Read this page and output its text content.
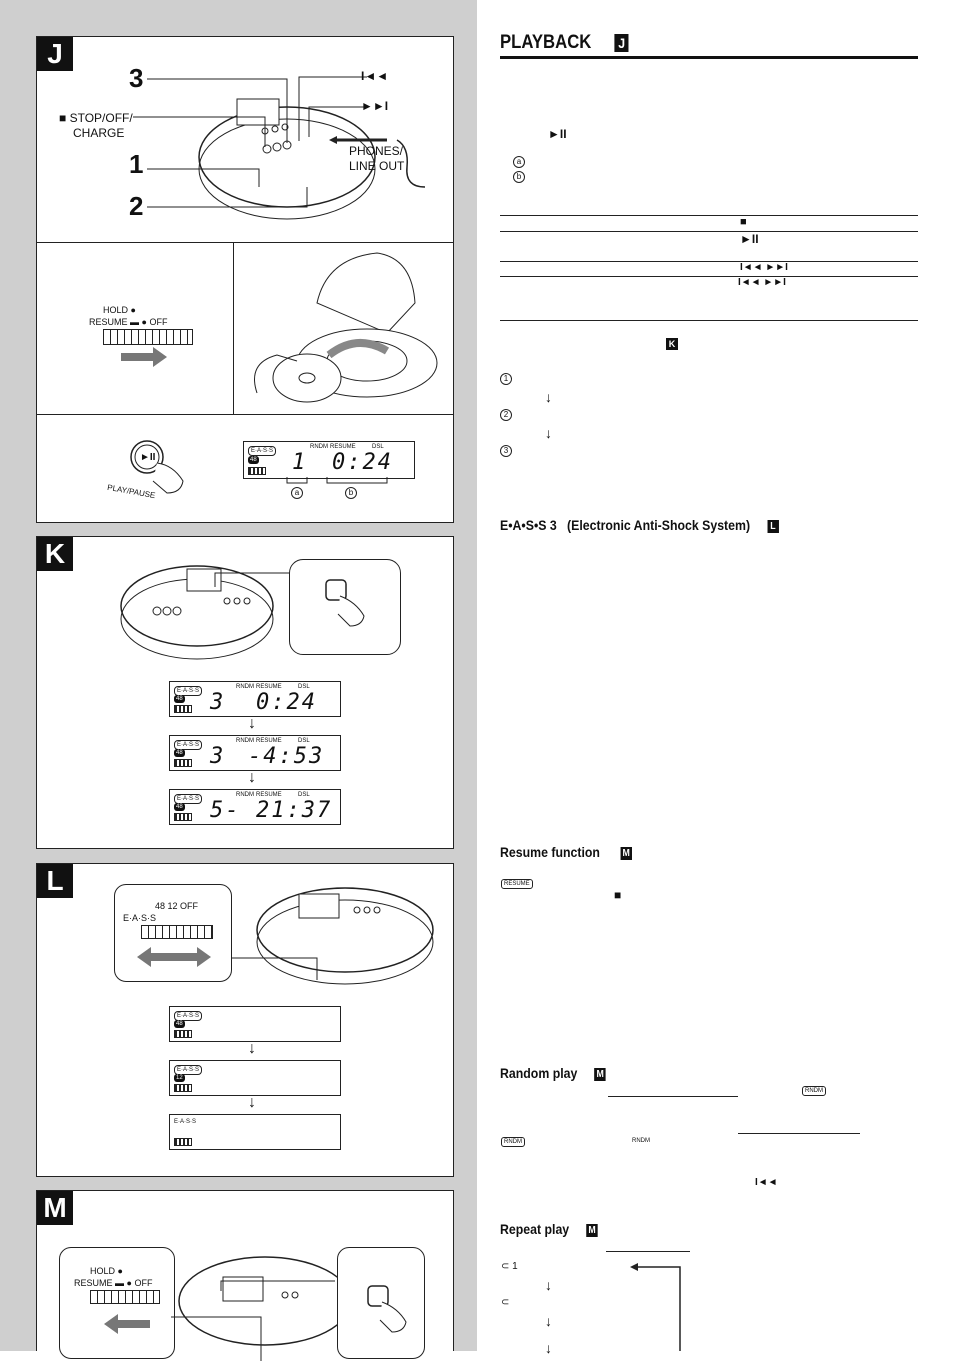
J
3	I◄◄
►►I
■ STOP/OFF/
CHARGE
PHONES/
LINE OUT
1
2
HOLD ●
RESUME ▬ ● OFF
►II
PLAY/PAUSE
E·A·S·S
48
RNDM RESUME	DSL
1 0:24
a	b
K
E·A·S·S
48
RNDM RESUME	DSL
3 0:24
↓
E·A·S·S
48
RNDM RESUME	DSL
3 -4:53
↓
E·A·S·S
48
RNDM RESUME	DSL
5- 21:37
L
48 12 OFF
E·A·S·S
E·A·S·S
48
↓
E·A·S·S
12
↓
E·A·S·S
M
HOLD ●
RESUME ▬ ● OFF
PLAYBACK J
►II
a
b
■
►II
I◄◄ ►►I
I◄◄ ►►I
K
1
↓
2
↓
3
E•A•S•S 3 (Electronic Anti-Shock System) L
Resume function M
RESUME
■
Random play M
RNDM
RNDM	RNDM
I◄◄
Repeat play M
⊂ 1
↓
⊂
↓
↓
